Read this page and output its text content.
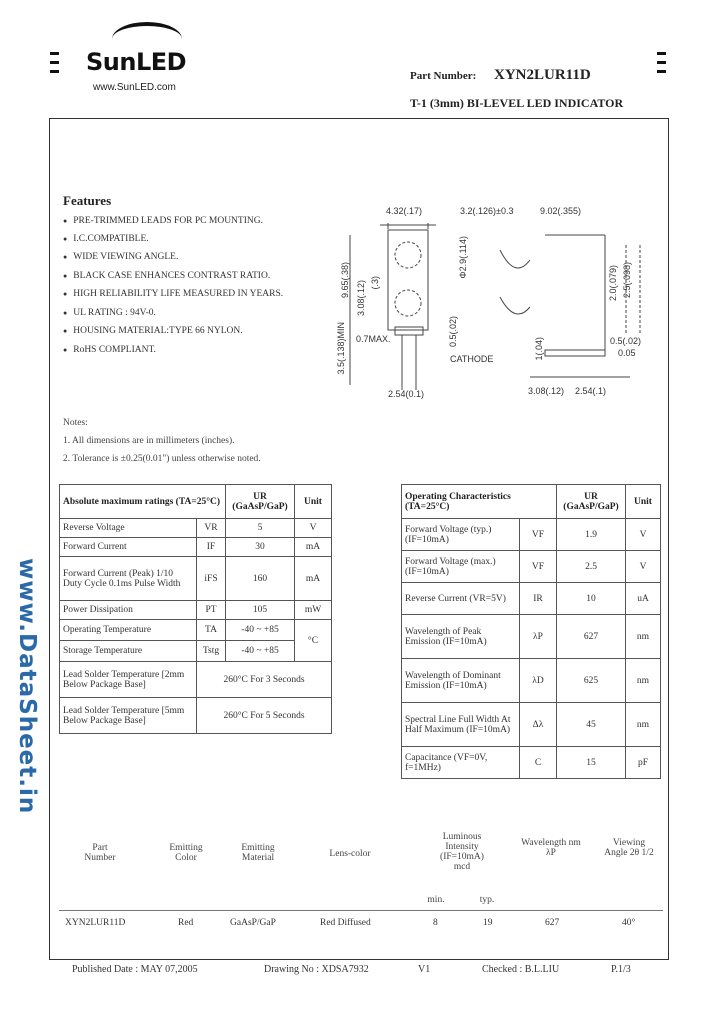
SunLED
www.SunLED.com
Part Number: XYN2LUR11D
T-1 (3mm) BI-LEVEL LED INDICATOR
www.DataSheet.in
Features
● PRE-TRIMMED LEADS FOR PC MOUNTING.
● I.C.COMPATIBLE.
● WIDE VIEWING ANGLE.
● BLACK CASE ENHANCES CONTRAST RATIO.
● HIGH RELIABILITY LIFE MEASURED IN YEARS.
● UL RATING : 94V-0.
● HOUSING MATERIAL:TYPE 66 NYLON.
● RoHS COMPLIANT.
4.32(.17)	3.2(.126)±0.3	9.02(.355)
9.65(.38) 3.08(.12) (.3)
0.7MAX.	0.5(.02)
CATHODE
2.54(0.1)
3.5(.138)MIN
Φ2.9(.114)
2.0(.079) 2.5(.098)
1(.04)	0.5(.02)
0.05
3.08(.12) 2.54(.1)
Notes:
1. All dimensions are in millimeters (inches).
2. Tolerance is ±0.25(0.01") unless otherwise noted.
Absolute maximum ratings (TA=25°C)		UR (GaAsP/GaP)	Unit
Reverse Voltage	VR	5	V
Forward Current	IF	30	mA
Forward Current (Peak) 1/10 Duty Cycle 0.1ms Pulse Width	iFS	160	mA
Power Dissipation	PT	105	mW
Operating Temperature	TA	-40 ~ +85	°C
Storage Temperature	Tstg	-40 ~ +85	
Lead Solder Temperature [2mm Below Package Base]	260°C For 3 Seconds		
Lead Solder Temperature [5mm Below Package Base]	260°C For 5 Seconds		
Operating Characteristics (TA=25°C)		UR (GaAsP/GaP)	Unit
Forward Voltage (typ.) (IF=10mA)	VF	1.9	V
Forward Voltage (max.) (IF=10mA)	VF	2.5	V
Reverse Current (VR=5V)	IR	10	uA
Wavelength of Peak Emission (IF=10mA)	λP	627	nm
Wavelength of Dominant Emission (IF=10mA)	λD	625	nm
Spectral Line Full Width At Half Maximum (IF=10mA)	Δλ	45	nm
Capacitance (VF=0V, f=1MHz)	C	15	pF
Part Number
Emitting Color
Emitting Material	Lens-color
Luminous Intensity (IF=10mA) mcd
Wavelength nm λP
Viewing Angle 2θ 1/2
min.	typ.
XYN2LUR11D	Red	GaAsP/GaP	Red Diffused	8	19	627	40°
Published Date : MAY 07,2005	Drawing No : XDSA7932	V1	Checked : B.L.LIU	P.1/3
